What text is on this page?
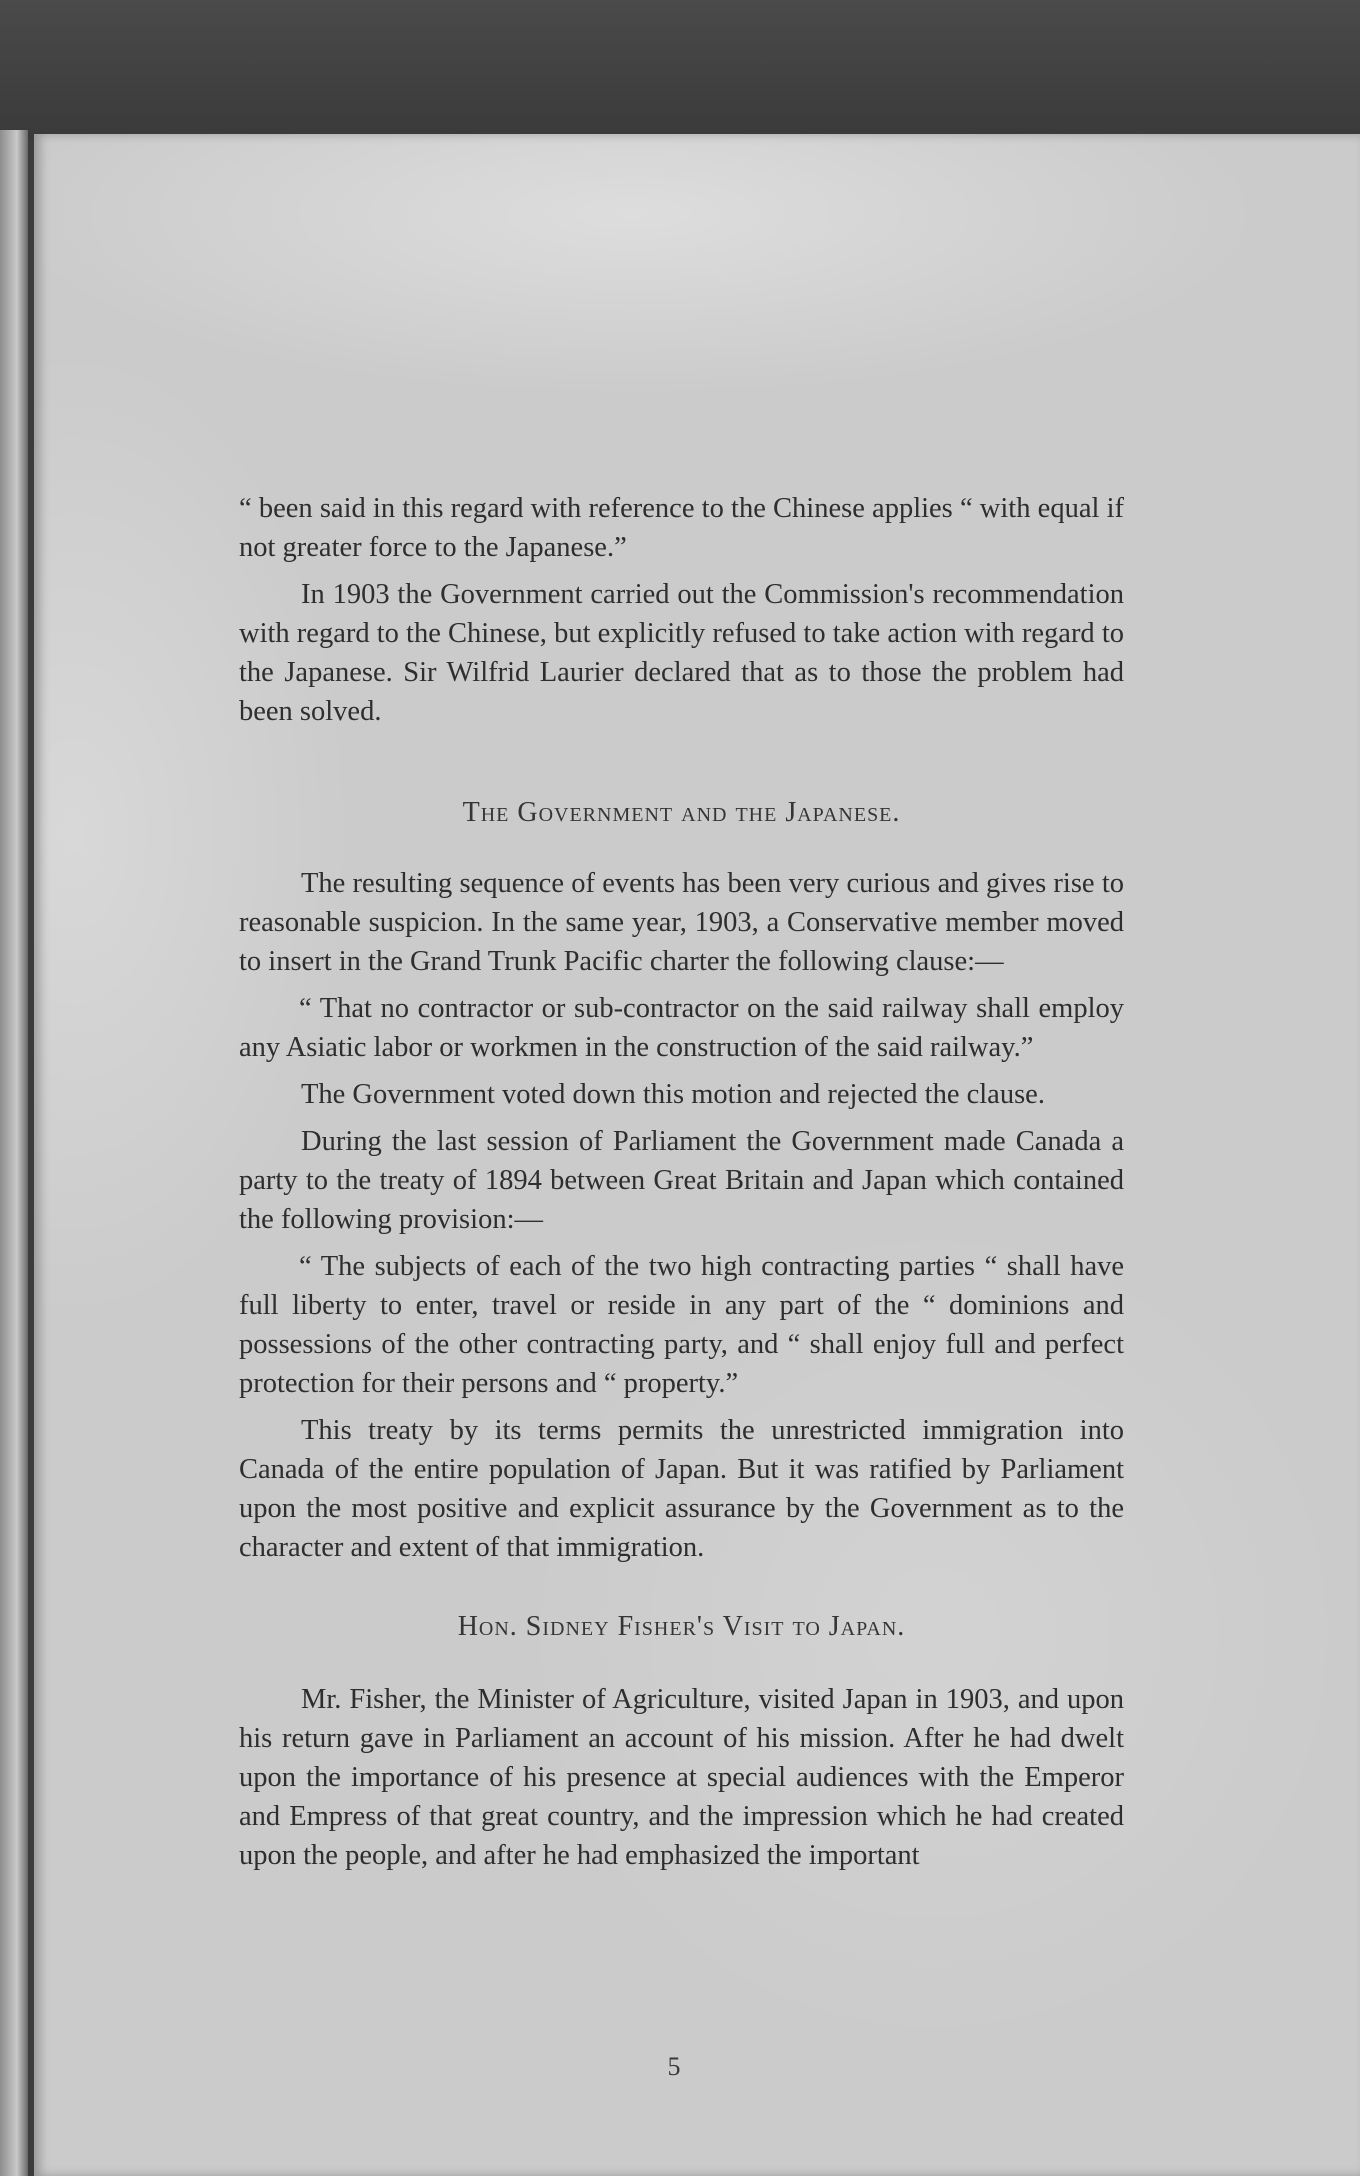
“ been said in this regard with reference to the Chinese applies “ with equal if not greater force to the Japanese.”

In 1903 the Government carried out the Commission's recommendation with regard to the Chinese, but explicitly refused to take action with regard to the Japanese. Sir Wilfrid Laurier declared that as to those the problem had been solved.

The Government and the Japanese.

The resulting sequence of events has been very curious and gives rise to reasonable suspicion. In the same year, 1903, a Conservative member moved to insert in the Grand Trunk Pacific charter the following clause:—

“ That no contractor or sub-contractor on the said railway shall employ any Asiatic labor or workmen in the construction of the said railway.”

The Government voted down this motion and rejected the clause.

During the last session of Parliament the Government made Canada a party to the treaty of 1894 between Great Britain and Japan which contained the following provision:—

“ The subjects of each of the two high contracting parties “ shall have full liberty to enter, travel or reside in any part of the “ dominions and possessions of the other contracting party, and “ shall enjoy full and perfect protection for their persons and “ property.”

This treaty by its terms permits the unrestricted immigration into Canada of the entire population of Japan. But it was ratified by Parliament upon the most positive and explicit assurance by the Government as to the character and extent of that immigration.

Hon. Sidney Fisher's Visit to Japan.

Mr. Fisher, the Minister of Agriculture, visited Japan in 1903, and upon his return gave in Parliament an account of his mission. After he had dwelt upon the importance of his presence at special audiences with the Emperor and Empress of that great country, and the impression which he had created upon the people, and after he had emphasized the important

5
